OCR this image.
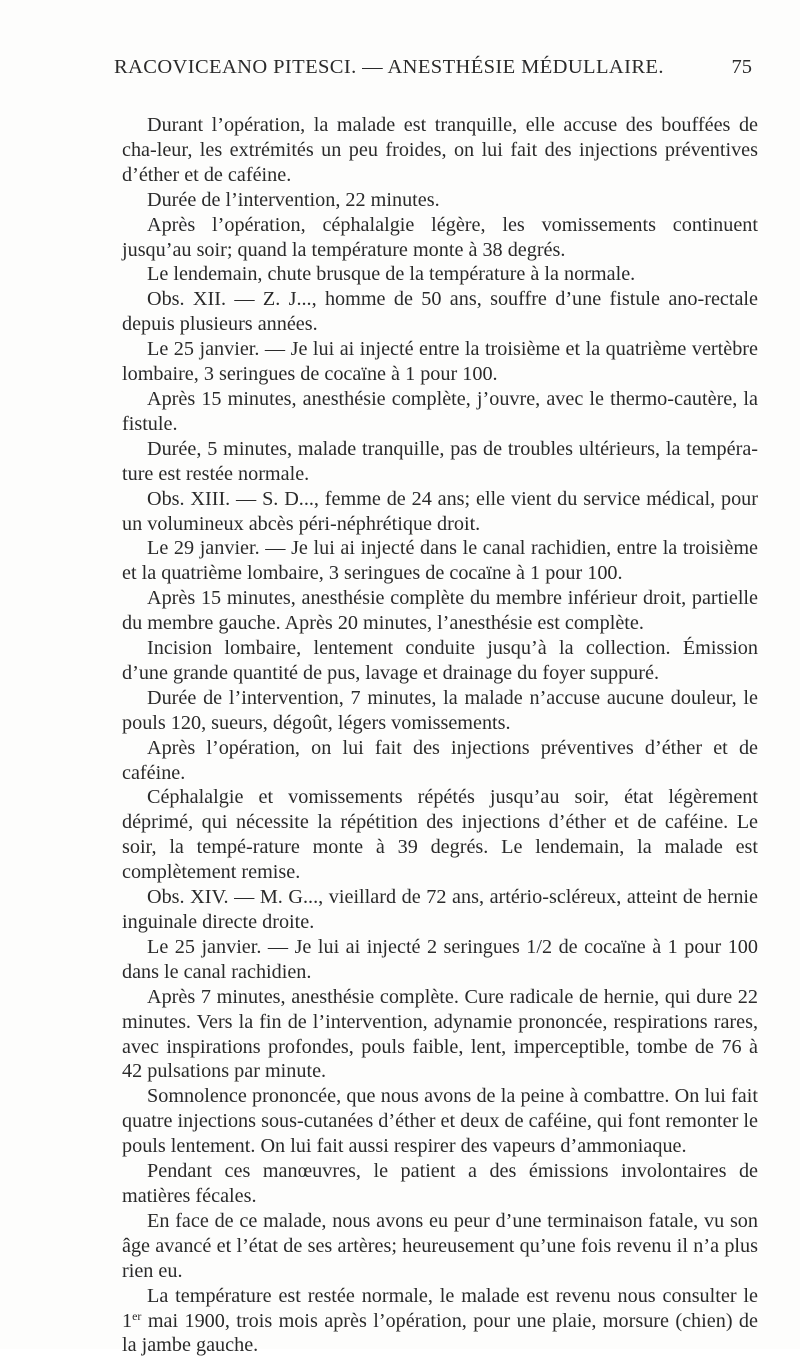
RACOVICEANO PITESCI. — ANESTHÉSIE MÉDULLAIRE.	75

Durant l’opération, la malade est tranquille, elle accuse des bouffées de cha-leur, les extrémités un peu froides, on lui fait des injections préventives d’éther et de caféine.

Durée de l’intervention, 22 minutes.

Après l’opération, céphalalgie légère, les vomissements continuent jusqu’au soir; quand la température monte à 38 degrés.

Le lendemain, chute brusque de la température à la normale.

Obs. XII. — Z. J..., homme de 50 ans, souffre d’une fistule ano-rectale depuis plusieurs années.

Le 25 janvier. — Je lui ai injecté entre la troisième et la quatrième vertèbre lombaire, 3 seringues de cocaïne à 1 pour 100.

Après 15 minutes, anesthésie complète, j’ouvre, avec le thermo-cautère, la fistule.

Durée, 5 minutes, malade tranquille, pas de troubles ultérieurs, la tempéra-ture est restée normale.

Obs. XIII. — S. D..., femme de 24 ans; elle vient du service médical, pour un volumineux abcès péri-néphrétique droit.

Le 29 janvier. — Je lui ai injecté dans le canal rachidien, entre la troisième et la quatrième lombaire, 3 seringues de cocaïne à 1 pour 100.

Après 15 minutes, anesthésie complète du membre inférieur droit, partielle du membre gauche. Après 20 minutes, l’anesthésie est complète.

Incision lombaire, lentement conduite jusqu’à la collection. Émission d’une grande quantité de pus, lavage et drainage du foyer suppuré.

Durée de l’intervention, 7 minutes, la malade n’accuse aucune douleur, le pouls 120, sueurs, dégoût, légers vomissements.

Après l’opération, on lui fait des injections préventives d’éther et de caféine.

Céphalalgie et vomissements répétés jusqu’au soir, état légèrement déprimé, qui nécessite la répétition des injections d’éther et de caféine. Le soir, la tempé-rature monte à 39 degrés. Le lendemain, la malade est complètement remise.

Obs. XIV. — M. G..., vieillard de 72 ans, artério-scléreux, atteint de hernie inguinale directe droite.

Le 25 janvier. — Je lui ai injecté 2 seringues 1/2 de cocaïne à 1 pour 100 dans le canal rachidien.

Après 7 minutes, anesthésie complète. Cure radicale de hernie, qui dure 22 minutes. Vers la fin de l’intervention, adynamie prononcée, respirations rares, avec inspirations profondes, pouls faible, lent, imperceptible, tombe de 76 à 42 pulsations par minute.

Somnolence prononcée, que nous avons de la peine à combattre. On lui fait quatre injections sous-cutanées d’éther et deux de caféine, qui font remonter le pouls lentement. On lui fait aussi respirer des vapeurs d’ammoniaque.

Pendant ces manœuvres, le patient a des émissions involontaires de matières fécales.

En face de ce malade, nous avons eu peur d’une terminaison fatale, vu son âge avancé et l’état de ses artères; heureusement qu’une fois revenu il n’a plus rien eu.

La température est restée normale, le malade est revenu nous consulter le 1er mai 1900, trois mois après l’opération, pour une plaie, morsure (chien) de la jambe gauche.
